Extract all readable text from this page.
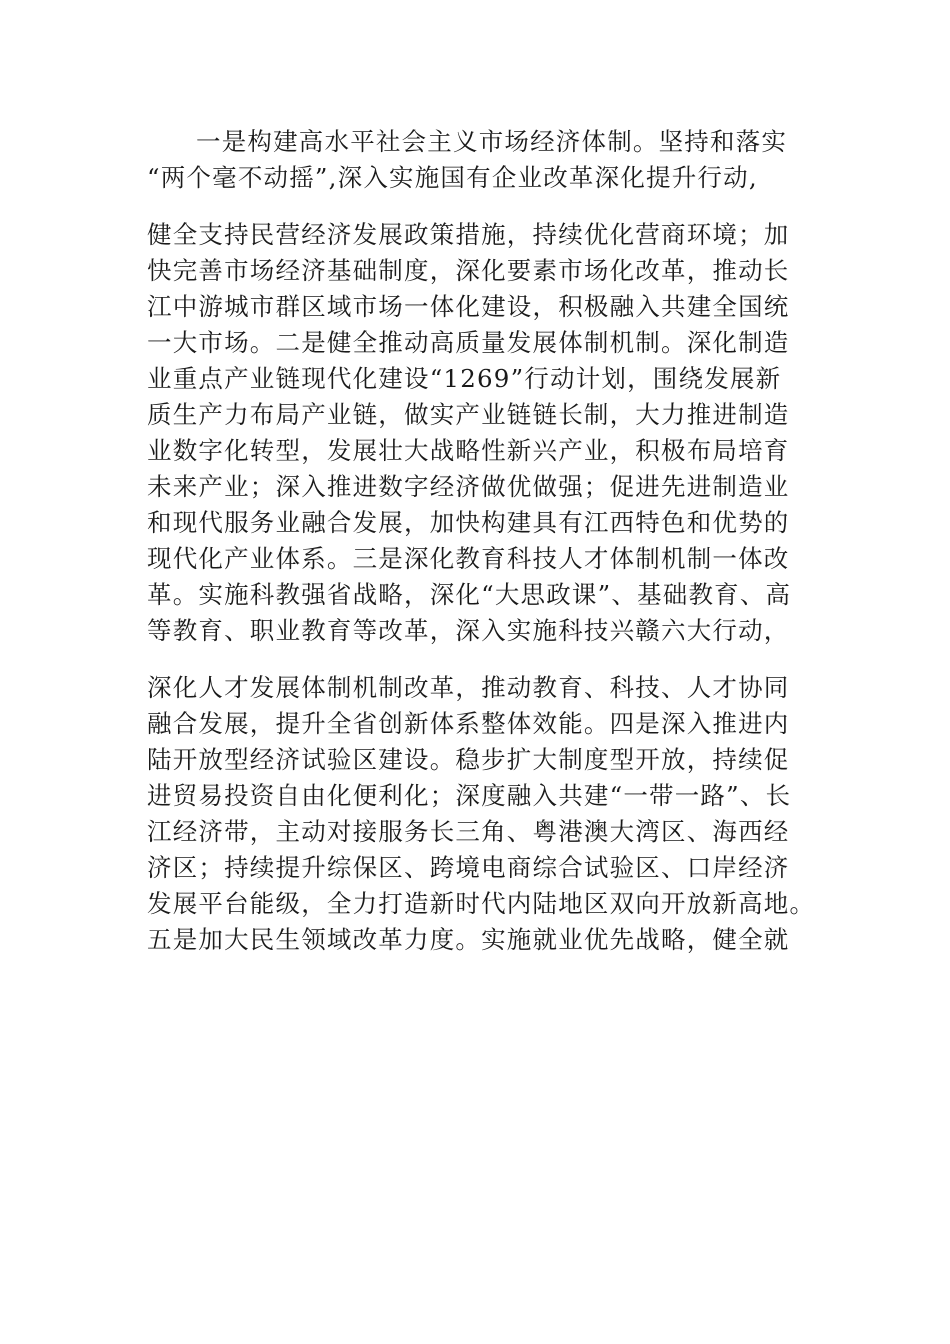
一是构建高水平社会主义市场经济体制。坚持和落实
“两个毫不动摇”,深入实施国有企业改革深化提升行动,
健全支持民营经济发展政策措施，持续优化营商环境；加
快完善市场经济基础制度，深化要素市场化改革，推动长
江中游城市群区域市场一体化建设，积极融入共建全国统
一大市场。二是健全推动高质量发展体制机制。深化制造
业重点产业链现代化建设“1269”行动计划，围绕发展新
质生产力布局产业链，做实产业链链长制，大力推进制造
业数字化转型，发展壮大战略性新兴产业，积极布局培育
未来产业；深入推进数字经济做优做强；促进先进制造业
和现代服务业融合发展，加快构建具有江西特色和优势的
现代化产业体系。三是深化教育科技人才体制机制一体改
革。实施科教强省战略，深化“大思政课”、基础教育、高
等教育、职业教育等改革，深入实施科技兴赣六大行动，
深化人才发展体制机制改革，推动教育、科技、人才协同
融合发展，提升全省创新体系整体效能。四是深入推进内
陆开放型经济试验区建设。稳步扩大制度型开放，持续促
进贸易投资自由化便利化；深度融入共建“一带一路”、长
江经济带，主动对接服务长三角、粤港澳大湾区、海西经
济区；持续提升综保区、跨境电商综合试验区、口岸经济
发展平台能级，全力打造新时代内陆地区双向开放新高地。
五是加大民生领域改革力度。实施就业优先战略，健全就
